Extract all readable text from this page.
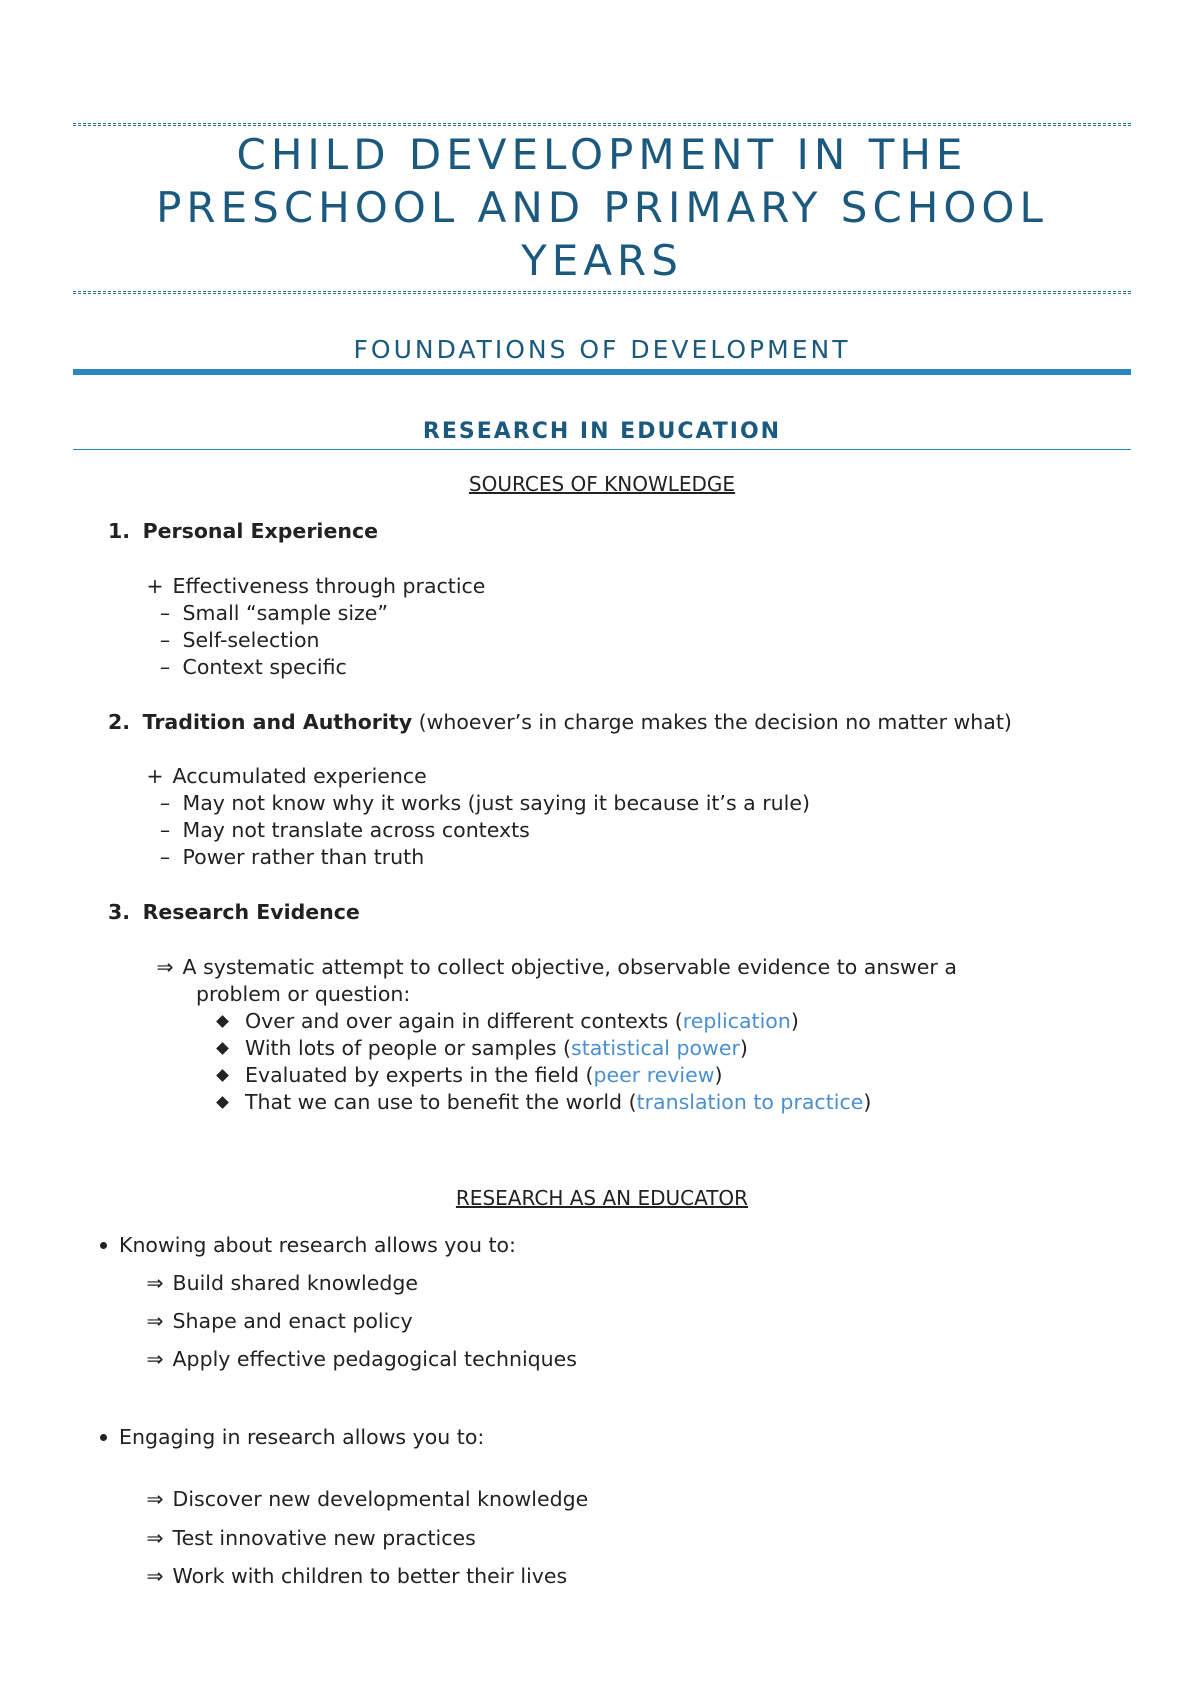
CHILD DEVELOPMENT IN THE
PRESCHOOL AND PRIMARY SCHOOL
YEARS
FOUNDATIONS OF DEVELOPMENT
RESEARCH IN EDUCATION
SOURCES OF KNOWLEDGE
1. Personal Experience
+ Effectiveness through practice
– Small “sample size”
– Self-selection
– Context specific
2. Tradition and Authority (whoever’s in charge makes the decision no matter what)
+ Accumulated experience
– May not know why it works (just saying it because it’s a rule)
– May not translate across contexts
– Power rather than truth
3. Research Evidence
⇒ A systematic attempt to collect objective, observable evidence to answer a
problem or question:
Over and over again in different contexts (replication)
With lots of people or samples (statistical power)
Evaluated by experts in the field (peer review)
That we can use to benefit the world (translation to practice)
RESEARCH AS AN EDUCATOR
Knowing about research allows you to:
⇒ Build shared knowledge
⇒ Shape and enact policy
⇒ Apply effective pedagogical techniques
Engaging in research allows you to:
⇒ Discover new developmental knowledge
⇒ Test innovative new practices
⇒ Work with children to better their lives
